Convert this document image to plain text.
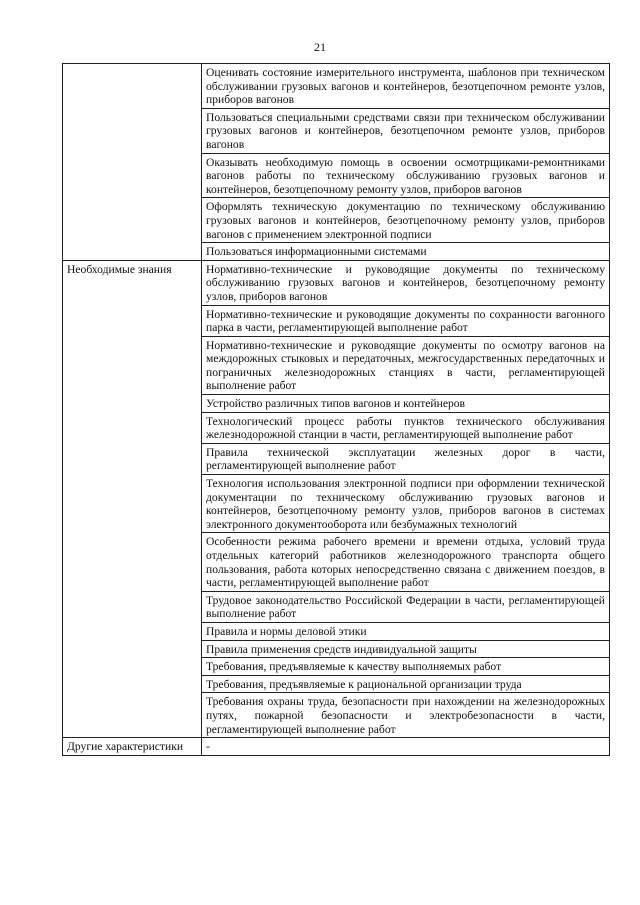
21

	Оценивать состояние измерительного инструмента, шаблонов при техническом обслуживании грузовых вагонов и контейнеров, безотцепочном ремонте узлов, приборов вагонов

	Пользоваться специальными средствами связи при техническом обслуживании грузовых вагонов и контейнеров, безотцепочном ремонте узлов, приборов вагонов

	Оказывать необходимую помощь в освоении осмотрщиками-ремонтниками вагонов работы по техническому обслуживанию грузовых вагонов и контейнеров, безотцепочному ремонту узлов, приборов вагонов

	Оформлять техническую документацию по техническому обслуживанию грузовых вагонов и контейнеров, безотцепочному ремонту узлов, приборов вагонов с применением электронной подписи

	Пользоваться информационными системами

Необходимые знания	Нормативно-технические и руководящие документы по техническому обслуживанию грузовых вагонов и контейнеров, безотцепочному ремонту узлов, приборов вагонов

	Нормативно-технические и руководящие документы по сохранности вагонного парка в части, регламентирующей выполнение работ

	Нормативно-технические и руководящие документы по осмотру вагонов на междорожных стыковых и передаточных, межгосударственных передаточных и пограничных железнодорожных станциях в части, регламентирующей выполнение работ

	Устройство различных типов вагонов и контейнеров

	Технологический процесс работы пунктов технического обслуживания железнодорожной станции в части, регламентирующей выполнение работ

	Правила технической эксплуатации железных дорог в части, регламентирующей выполнение работ

	Технология использования электронной подписи при оформлении технической документации по техническому обслуживанию грузовых вагонов и контейнеров, безотцепочному ремонту узлов, приборов вагонов в системах электронного документооборота или безбумажных технологий

	Особенности режима рабочего времени и времени отдыха, условий труда отдельных категорий работников железнодорожного транспорта общего пользования, работа которых непосредственно связана с движением поездов, в части, регламентирующей выполнение работ

	Трудовое законодательство Российской Федерации в части, регламентирующей выполнение работ

	Правила и нормы деловой этики

	Правила применения средств индивидуальной защиты

	Требования, предъявляемые к качеству выполняемых работ

	Требования, предъявляемые к рациональной организации труда

	Требования охраны труда, безопасности при нахождении на железнодорожных путях, пожарной безопасности и электробезопасности в части, регламентирующей выполнение работ

Другие характеристики	-
